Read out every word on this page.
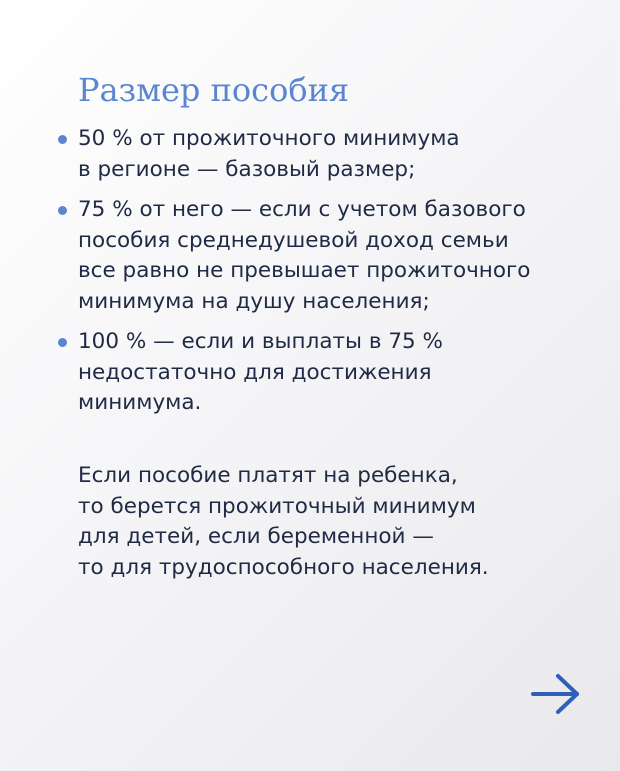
Размер пособия
50 % от прожиточного минимума
в регионе — базовый размер;
75 % от него — если с учетом базового
пособия среднедушевой доход семьи
все равно не превышает прожиточного
минимума на душу населения;
100 % — если и выплаты в 75 %
недостаточно для достижения
минимума.

Если пособие платят на ребенка,
то берется прожиточный минимум
для детей, если беременной —
то для трудоспособного населения.
